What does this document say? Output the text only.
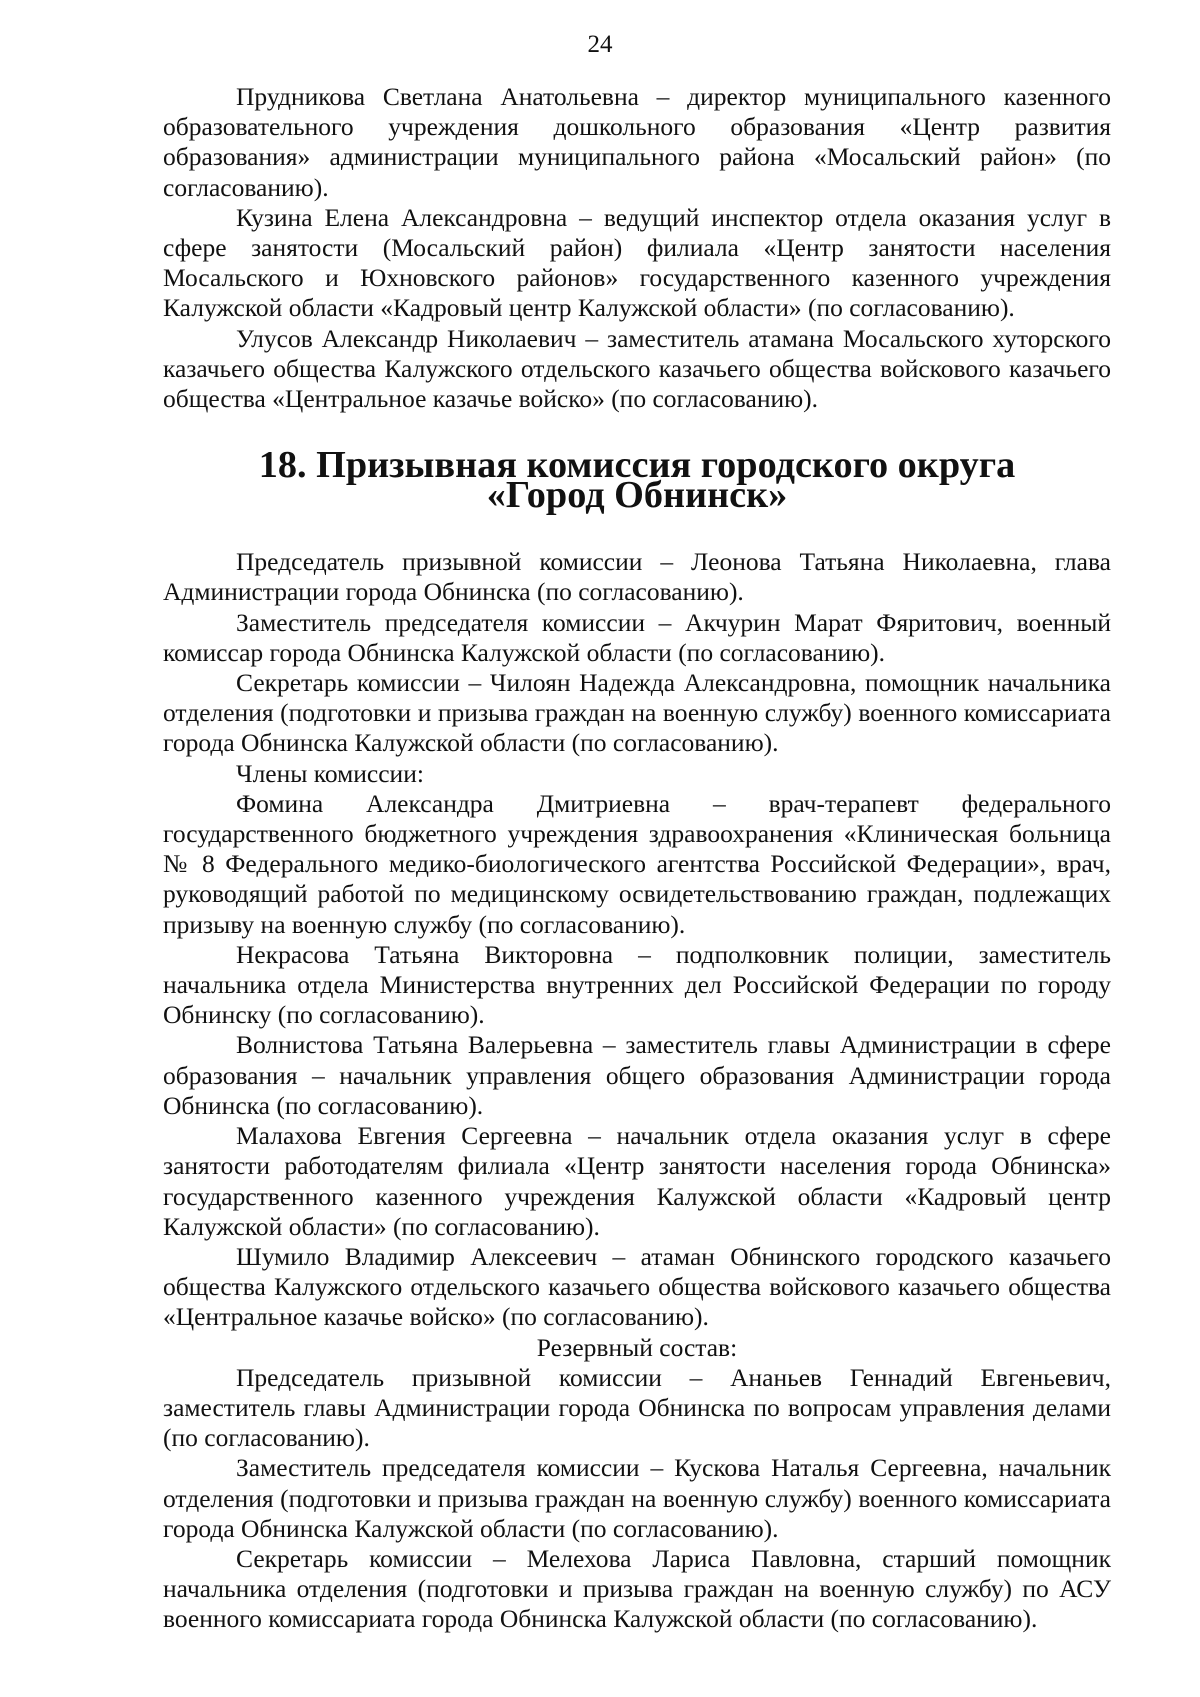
24

Прудникова Светлана Анатольевна – директор муниципального казенного образовательного учреждения дошкольного образования «Центр развития образования» администрации муниципального района «Мосальский район» (по согласованию).

Кузина Елена Александровна – ведущий инспектор отдела оказания услуг в сфере занятости (Мосальский район) филиала «Центр занятости населения Мосальского и Юхновского районов» государственного казенного учреждения Калужской области «Кадровый центр Калужской области» (по согласованию).

Улусов Александр Николаевич – заместитель атамана Мосальского хуторского казачьего общества Калужского отдельского казачьего общества войскового казачьего общества «Центральное казачье войско» (по согласованию).

18. Призывная комиссия городского округа
«Город Обнинск»

Председатель призывной комиссии – Леонова Татьяна Николаевна, глава Администрации города Обнинска (по согласованию).

Заместитель председателя комиссии – Акчурин Марат Фяритович, военный комиссар города Обнинска Калужской области (по согласованию).

Секретарь комиссии – Чилоян Надежда Александровна, помощник начальника отделения (подготовки и призыва граждан на военную службу) военного комиссариата города Обнинска Калужской области (по согласованию).

Члены комиссии:

Фомина Александра Дмитриевна – врач-терапевт федерального государственного бюджетного учреждения здравоохранения «Клиническая больница № 8 Федерального медико-биологического агентства Российской Федерации», врач, руководящий работой по медицинскому освидетельствованию граждан, подлежащих призыву на военную службу (по согласованию).

Некрасова Татьяна Викторовна – подполковник полиции, заместитель начальника отдела Министерства внутренних дел Российской Федерации по городу Обнинску (по согласованию).

Волнистова Татьяна Валерьевна – заместитель главы Администрации в сфере образования – начальник управления общего образования Администрации города Обнинска (по согласованию).

Малахова Евгения Сергеевна – начальник отдела оказания услуг в сфере занятости работодателям филиала «Центр занятости населения города Обнинска» государственного казенного учреждения Калужской области «Кадровый центр Калужской области» (по согласованию).

Шумило Владимир Алексеевич – атаман Обнинского городского казачьего общества Калужского отдельского казачьего общества войскового казачьего общества «Центральное казачье войско» (по согласованию).

Резервный состав:

Председатель призывной комиссии – Ананьев Геннадий Евгеньевич, заместитель главы Администрации города Обнинска по вопросам управления делами (по согласованию).

Заместитель председателя комиссии – Кускова Наталья Сергеевна, начальник отделения (подготовки и призыва граждан на военную службу) военного комиссариата города Обнинска Калужской области (по согласованию).

Секретарь комиссии – Мелехова Лариса Павловна, старший помощник начальника отделения (подготовки и призыва граждан на военную службу) по АСУ военного комиссариата города Обнинска Калужской области (по согласованию).
